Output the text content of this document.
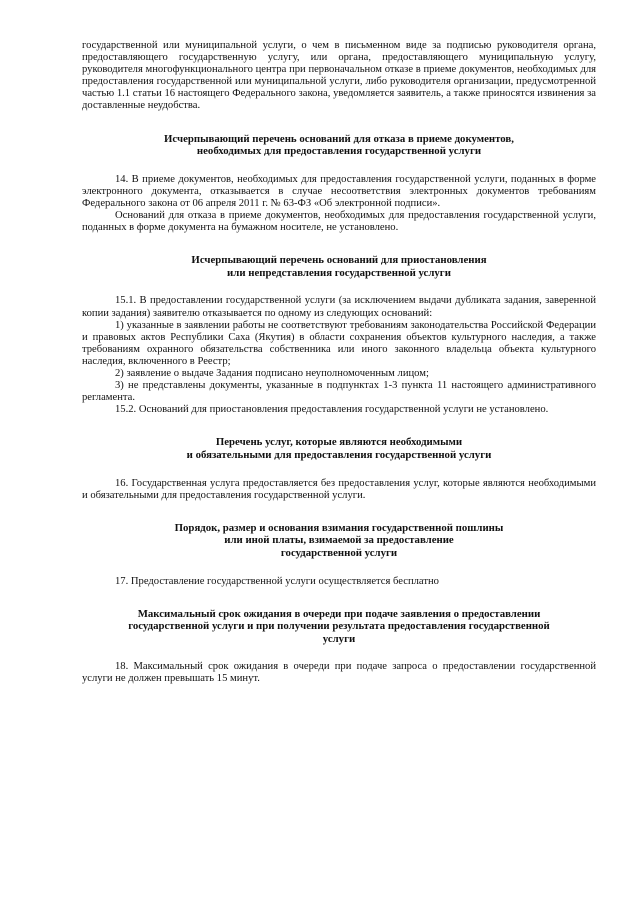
государственной или муниципальной услуги, о чем в письменном виде за подписью руководителя органа, предоставляющего государственную услугу, или органа, предоставляющего муниципальную услугу, руководителя многофункционального центра при первоначальном отказе в приеме документов, необходимых для предоставления государственной или муниципальной услуги, либо руководителя организации, предусмотренной частью 1.1 статьи 16 настоящего Федерального закона, уведомляется заявитель, а также приносятся извинения за доставленные неудобства.

Исчерпывающий перечень оснований для отказа в приеме документов,
необходимых для предоставления государственной услуги

14. В приеме документов, необходимых для предоставления государственной услуги, поданных в форме электронного документа, отказывается в случае несоответствия электронных документов требованиям Федерального закона от 06 апреля 2011 г. № 63-ФЗ «Об электронной подписи».

Оснований для отказа в приеме документов, необходимых для предоставления государственной услуги, поданных в форме документа на бумажном носителе, не установлено.

Исчерпывающий перечень оснований для приостановления
или непредставления государственной услуги

15.1. В предоставлении государственной услуги (за исключением выдачи дубликата задания, заверенной копии задания) заявителю отказывается по одному из следующих оснований:

1) указанные в заявлении работы не соответствуют требованиям законодательства Российской Федерации и правовых актов Республики Саха (Якутия) в области сохранения объектов культурного наследия, а также требованиям охранного обязательства собственника или иного законного владельца объекта культурного наследия, включенного в Реестр;

2) заявление о выдаче Задания подписано неуполномоченным лицом;

3) не представлены документы, указанные в подпунктах 1-3 пункта 11 настоящего административного регламента.

15.2. Оснований для приостановления предоставления государственной услуги не установлено.

Перечень услуг, которые являются необходимыми
и обязательными для предоставления государственной услуги

16. Государственная услуга предоставляется без предоставления услуг, которые являются необходимыми и обязательными для предоставления государственной услуги.

Порядок, размер и основания взимания государственной пошлины
или иной платы, взимаемой за предоставление
государственной услуги

17. Предоставление государственной услуги осуществляется бесплатно

Максимальный срок ожидания в очереди при подаче заявления о предоставлении
государственной услуги и при получении результата предоставления государственной
услуги

18. Максимальный срок ожидания в очереди при подаче запроса о предоставлении государственной услуги не должен превышать 15 минут.
